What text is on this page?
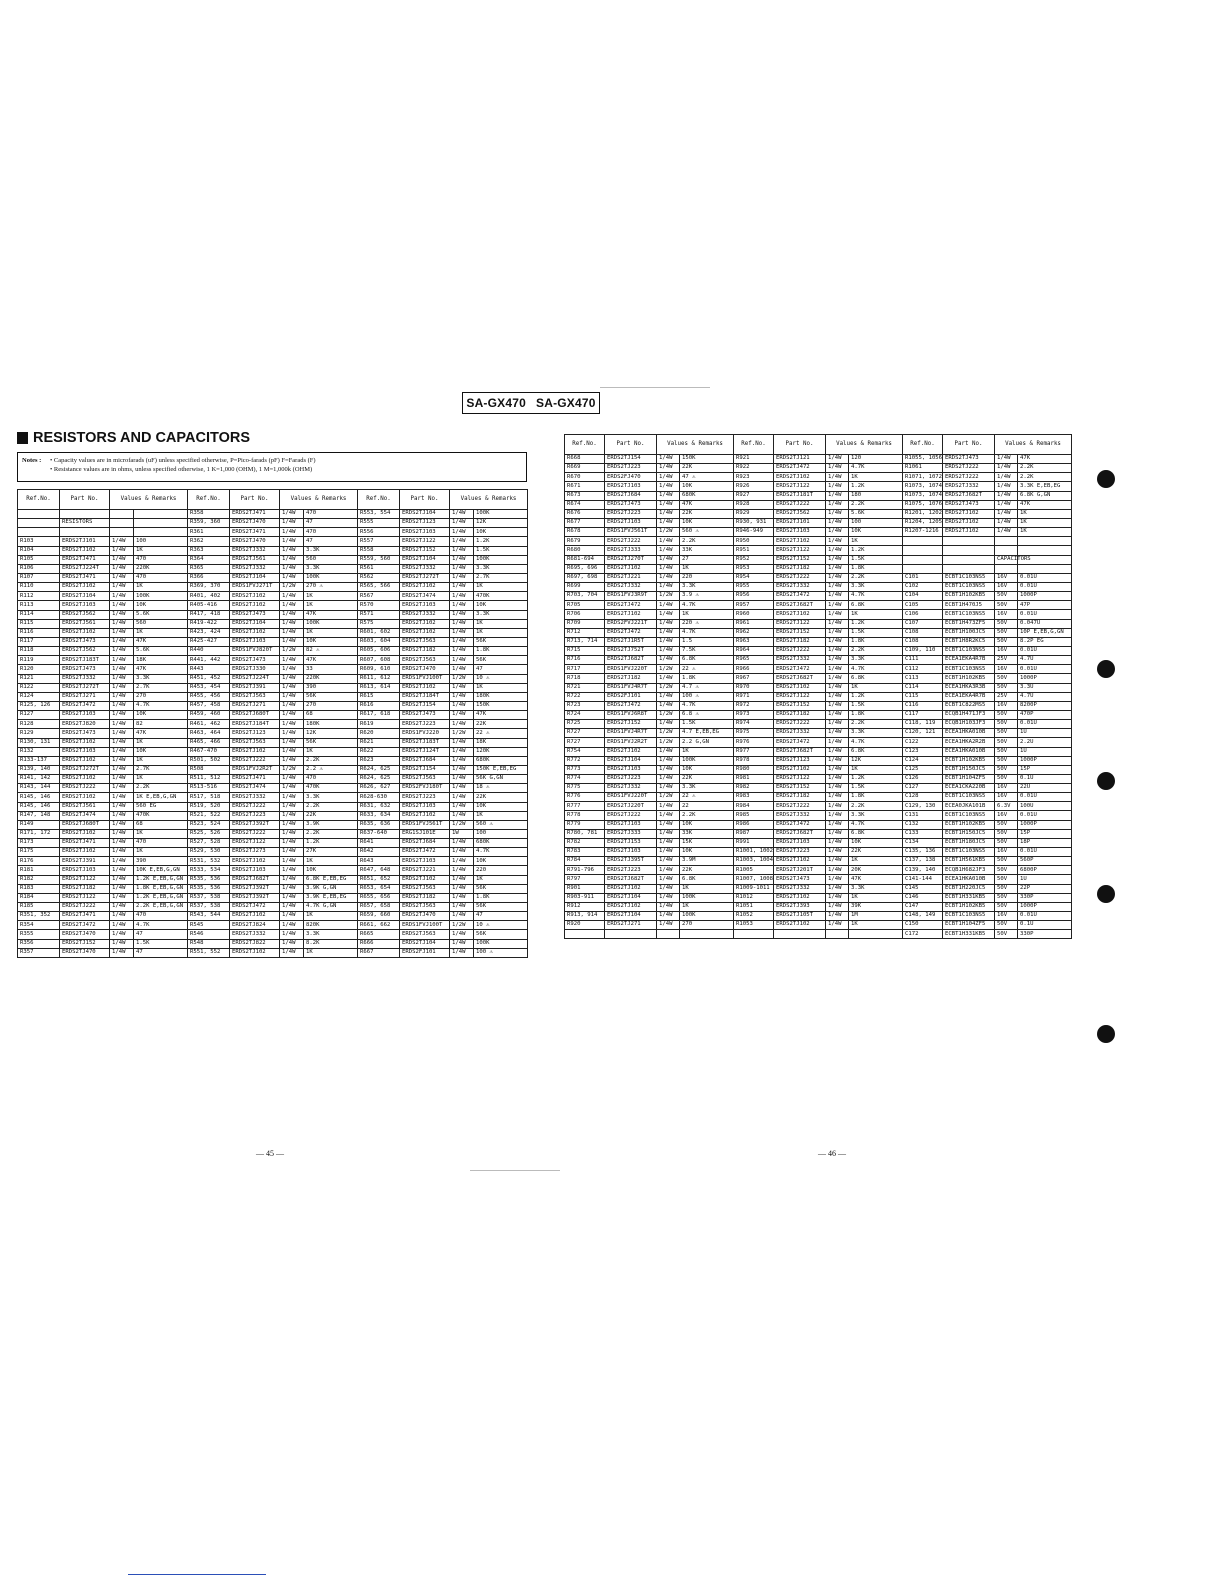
SA-GX470 SA-GX470
RESISTORS AND CAPACITORS
Notes : • Capacity values are in microfarads (uF) unless specified otherwise, P=Pico-farads (pF) F=Farads (F)
• Resistance values are in ohms, unless specified otherwise, 1 K=1,000 (OHM), 1 M=1,000k (OHM)
Ref.No.	Part No.	Values & Remarks		Ref.No.	Part No.	Values & Remarks		Ref.No.	Part No.	Values & Remarks	
				R358	ERDS2TJ471	1/4W	470	R553, 554	ERDS2TJ104	1/4W	100K
	RESISTORS			R359, 360	ERDS2TJ470	1/4W	47	R555	ERDS2TJ123	1/4W	12K
				R361	ERDS2TJ471	1/4W	470	R556	ERDS2TJ103	1/4W	10K
R103	ERDS2TJ101	1/4W	100	R362	ERDS2TJ470	1/4W	47	R557	ERDS2TJ122	1/4W	1.2K
R104	ERDS2TJ102	1/4W	1K	R363	ERDS2TJ332	1/4W	3.3K	R558	ERDS2TJ152	1/4W	1.5K
R105	ERDS2TJ471	1/4W	470	R364	ERDS2TJ561	1/4W	560	R559, 560	ERDS2TJ104	1/4W	100K
R106	ERDS2TJ224T	1/4W	220K	R365	ERDS2TJ332	1/4W	3.3K	R561	ERDS2TJ332	1/4W	3.3K
R107	ERDS2TJ471	1/4W	470	R366	ERDS2TJ104	1/4W	100K	R562	ERDS2TJ272T	1/4W	2.7K
R110	ERDS2TJ102	1/4W	1K	R369, 370	ERDS1FVJ271T	1/2W	270 ⚠	R565, 566	ERDS2TJ102	1/4W	1K
R112	ERDS2TJ104	1/4W	100K	R401, 402	ERDS2TJ102	1/4W	1K	R567	ERDS2TJ474	1/4W	470K
R113	ERDS2TJ103	1/4W	10K	R405-416	ERDS2TJ102	1/4W	1K	R570	ERDS2TJ103	1/4W	10K
R114	ERDS2TJ562	1/4W	5.6K	R417, 418	ERDS2TJ473	1/4W	47K	R571	ERDS2TJ332	1/4W	3.3K
R115	ERDS2TJ561	1/4W	560	R419-422	ERDS2TJ104	1/4W	100K	R575	ERDS2TJ102	1/4W	1K
R116	ERDS2TJ102	1/4W	1K	R423, 424	ERDS2TJ102	1/4W	1K	R601, 602	ERDS2TJ102	1/4W	1K
R117	ERDS2TJ473	1/4W	47K	R425-427	ERDS2TJ103	1/4W	10K	R603, 604	ERDS2TJ563	1/4W	56K
R118	ERDS2TJ562	1/4W	5.6K	R440	ERDS1FVJ820T	1/2W	82 ⚠	R605, 606	ERDS2TJ182	1/4W	1.8K
R119	ERDS2TJ183T	1/4W	18K	R441, 442	ERDS2TJ473	1/4W	47K	R607, 608	ERDS2TJ563	1/4W	56K
R120	ERDS2TJ473	1/4W	47K	R443	ERDS2TJ330	1/4W	33	R609, 610	ERDS2TJ470	1/4W	47
R121	ERDS2TJ332	1/4W	3.3K	R451, 452	ERDS2TJ224T	1/4W	220K	R611, 612	ERDS1FVJ100T	1/2W	10 ⚠
R122	ERDS2TJ272T	1/4W	2.7K	R453, 454	ERDS2TJ391	1/4W	390	R613, 614	ERDS2TJ102	1/4W	1K
R124	ERDS2TJ271	1/4W	270	R455, 456	ERDS2TJ563	1/4W	56K	R615	ERDS2TJ184T	1/4W	180K
R125, 126	ERDS2TJ472	1/4W	4.7K	R457, 458	ERDS2TJ271	1/4W	270	R616	ERDS2TJ154	1/4W	150K
R127	ERDS2TJ103	1/4W	10K	R459, 460	ERDS2TJ680T	1/4W	68	R617, 618	ERDS2TJ473	1/4W	47K
R128	ERDS2TJ820	1/4W	82	R461, 462	ERDS2TJ184T	1/4W	180K	R619	ERDS2TJ223	1/4W	22K
R129	ERDS2TJ473	1/4W	47K	R463, 464	ERDS2TJ123	1/4W	12K	R620	ERDS1FVJ220	1/2W	22 ⚠
R130, 131	ERDS2TJ102	1/4W	1K	R465, 466	ERDS2TJ563	1/4W	56K	R621	ERDS2TJ183T	1/4W	18K
R132	ERDS2TJ103	1/4W	10K	R467-470	ERDS2TJ102	1/4W	1K	R622	ERDS2TJ124T	1/4W	120K
R133-137	ERDS2TJ102	1/4W	1K	R501, 502	ERDS2TJ222	1/4W	2.2K	R623	ERDS2TJ684	1/4W	680K
R139, 140	ERDS2TJ272T	1/4W	2.7K	R508	ERDS1FVJ2R2T	1/2W	2.2 ⚠	R624, 625	ERDS2TJ154	1/4W	150K E,EB,EG
R141, 142	ERDS2TJ102	1/4W	1K	R511, 512	ERDS2TJ471	1/4W	470	R624, 625	ERDS2TJ563	1/4W	56K G,GN
R143, 144	ERDS2TJ222	1/4W	2.2K	R513-516	ERDS2TJ474	1/4W	470K	R626, 627	ERDS2FVJ180T	1/4W	18 ⚠
R145, 146	ERDS2TJ102	1/4W	1K E,EB,G,GN	R517, 518	ERDS2TJ332	1/4W	3.3K	R628-630	ERDS2TJ223	1/4W	22K
R145, 146	ERDS2TJ561	1/4W	560 EG	R519, 520	ERDS2TJ222	1/4W	2.2K	R631, 632	ERDS2TJ103	1/4W	10K
R147, 148	ERDS2TJ474	1/4W	470K	R521, 522	ERDS2TJ223	1/4W	22K	R633, 634	ERDS2TJ102	1/4W	1K
R149	ERDS2TJ680T	1/4W	68	R523, 524	ERDS2TJ392T	1/4W	3.9K	R635, 636	ERDS1FVJ561T	1/2W	560 ⚠
R171, 172	ERDS2TJ102	1/4W	1K	R525, 526	ERDS2TJ222	1/4W	2.2K	R637-640	ERG1SJ101E	1W	100
R173	ERDS2TJ471	1/4W	470	R527, 528	ERDS2TJ122	1/4W	1.2K	R641	ERDS2TJ684	1/4W	680K
R175	ERDS2TJ102	1/4W	1K	R529, 530	ERDS2TJ273	1/4W	27K	R642	ERDS2TJ472	1/4W	4.7K
R176	ERDS2TJ391	1/4W	390	R531, 532	ERDS2TJ102	1/4W	1K	R643	ERDS2TJ103	1/4W	10K
R181	ERDS2TJ103	1/4W	10K E,EB,G,GN	R533, 534	ERDS2TJ103	1/4W	10K	R647, 648	ERDS2TJ221	1/4W	220
R182	ERDS2TJ122	1/4W	1.2K E,EB,G,GN	R535, 536	ERDS2TJ682T	1/4W	6.8K E,EB,EG	R651, 652	ERDS2TJ102	1/4W	1K
R183	ERDS2TJ182	1/4W	1.8K E,EB,G,GN	R535, 536	ERDS2TJ392T	1/4W	3.9K G,GN	R653, 654	ERDS2TJ563	1/4W	56K
R184	ERDS2TJ122	1/4W	1.2K E,EB,G,GN	R537, 538	ERDS2TJ392T	1/4W	3.9K E,EB,EG	R655, 656	ERDS2TJ182	1/4W	1.8K
R185	ERDS2TJ222	1/4W	2.2K E,EB,G,GN	R537, 538	ERDS2TJ472	1/4W	4.7K G,GN	R657, 658	ERDS2TJ563	1/4W	56K
R351, 352	ERDS2TJ471	1/4W	470	R543, 544	ERDS2TJ102	1/4W	1K	R659, 660	ERDS2TJ470	1/4W	47
R354	ERDS2TJ472	1/4W	4.7K	R545	ERDS2TJ824	1/4W	820K	R661, 662	ERDS1FVJ100T	1/2W	10 ⚠
R355	ERDS2TJ470	1/4W	47	R546	ERDS2TJ332	1/4W	3.3K	R665	ERDS2TJ563	1/4W	56K
R356	ERDS2TJ152	1/4W	1.5K	R548	ERDS2TJ822	1/4W	8.2K	R666	ERDS2TJ104	1/4W	100K
R357	ERDS2TJ470	1/4W	47	R551, 552	ERDS2TJ102	1/4W	1K	R667	ERDS2FJ101	1/4W	100 ⚠
Ref.No.	Part No.	Values & Remarks		Ref.No.	Part No.	Values & Remarks		Ref.No.	Part No.	Values & Remarks	
R668	ERDS2TJ154	1/4W	150K	R921	ERDS2TJ121	1/4W	120	R1055, 1056	ERDS2TJ473	1/4W	47K
R669	ERDS2TJ223	1/4W	22K	R922	ERDS2TJ472	1/4W	4.7K	R1061	ERDS2TJ222	1/4W	2.2K
R670	ERDS2FJ470	1/4W	47 ⚠	R923	ERDS2TJ102	1/4W	1K	R1071, 1072	ERDS2TJ222	1/4W	2.2K
R671	ERDS2TJ103	1/4W	10K	R926	ERDS2TJ122	1/4W	1.2K	R1073, 1074	ERDS2TJ332	1/4W	3.3K E,EB,EG
R673	ERDS2TJ684	1/4W	680K	R927	ERDS2TJ181T	1/4W	180	R1073, 1074	ERDS2TJ682T	1/4W	6.8K G,GN
R674	ERDS2TJ473	1/4W	47K	R928	ERDS2TJ222	1/4W	2.2K	R1075, 1076	ERDS2TJ473	1/4W	47K
R676	ERDS2TJ223	1/4W	22K	R929	ERDS2TJ562	1/4W	5.6K	R1201, 1202	ERDS2TJ102	1/4W	1K
R677	ERDS2TJ103	1/4W	10K	R930, 931	ERDS2TJ101	1/4W	100	R1204, 1205	ERDS2TJ102	1/4W	1K
R678	ERDS1FVJ561T	1/2W	560 ⚠	R946-949	ERDS2TJ103	1/4W	10K	R1207-1216	ERDS2TJ102	1/4W	1K
R679	ERDS2TJ222	1/4W	2.2K	R950	ERDS2TJ102	1/4W	1K				
R680	ERDS2TJ333	1/4W	33K	R951	ERDS2TJ122	1/4W	1.2K				
R681-694	ERDS2TJ270T	1/4W	27	R952	ERDS2TJ152	1/4W	1.5K			CAPACITORS	
R695, 696	ERDS2TJ102	1/4W	1K	R953	ERDS2TJ182	1/4W	1.8K				
R697, 698	ERDS2TJ221	1/4W	220	R954	ERDS2TJ222	1/4W	2.2K	C101	ECBT1C103NS5	16V	0.01U
R699	ERDS2TJ332	1/4W	3.3K	R955	ERDS2TJ332	1/4W	3.3K	C102	ECBT1C103NS5	16V	0.01U
R703, 704	ERDS1FVJ3R9T	1/2W	3.9 ⚠	R956	ERDS2TJ472	1/4W	4.7K	C104	ECBT1H102KB5	50V	1000P
R705	ERDS2TJ472	1/4W	4.7K	R957	ERDS2TJ682T	1/4W	6.8K	C105	ECBT1H470J5	50V	47P
R706	ERDS2TJ102	1/4W	1K	R960	ERDS2TJ102	1/4W	1K	C106	ECBT1C103NS5	16V	0.01U
R709	ERDS2FVJ221T	1/4W	220 ⚠	R961	ERDS2TJ122	1/4W	1.2K	C107	ECBT1H473ZF5	50V	0.047U
R712	ERDS2TJ472	1/4W	4.7K	R962	ERDS2TJ152	1/4W	1.5K	C108	ECBT1H100JC5	50V	10P E,EB,G,GN
R713, 714	ERDS2TJ1R5T	1/4W	1.5	R963	ERDS2TJ182	1/4W	1.8K	C108	ECBT1H8R2KC5	50V	8.2P EG
R715	ERDS2TJ752T	1/4W	7.5K	R964	ERDS2TJ222	1/4W	2.2K	C109, 110	ECBT1C103NS5	16V	0.01U
R716	ERDS2TJ682T	1/4W	6.8K	R965	ERDS2TJ332	1/4W	3.3K	C111	ECEA1EKA4R7B	25V	4.7U
R717	ERDS1FVJ220T	1/2W	22 ⚠	R966	ERDS2TJ472	1/4W	4.7K	C112	ECBT1C103NS5	16V	0.01U
R718	ERDS2TJ182	1/4W	1.8K	R967	ERDS2TJ682T	1/4W	6.8K	C113	ECBT1H102KB5	50V	1000P
R721	ERDS1FVJ4R7T	1/2W	4.7 ⚠	R970	ERDS2TJ102	1/4W	1K	C114	ECEA1HKA3R3B	50V	3.3U
R722	ERDS2FJ101	1/4W	100 ⚠	R971	ERDS2TJ122	1/4W	1.2K	C115	ECEA1EKA4R7B	25V	4.7U
R723	ERDS2TJ472	1/4W	4.7K	R972	ERDS2TJ152	1/4W	1.5K	C116	ECBT1C822MS5	16V	8200P
R724	ERDS1FVJ6R8T	1/2W	6.8 ⚠	R973	ERDS2TJ182	1/4W	1.8K	C117	ECQB1H471JF3	50V	470P
R725	ERDS2TJ152	1/4W	1.5K	R974	ERDS2TJ222	1/4W	2.2K	C118, 119	ECQB1H103JF3	50V	0.01U
R727	ERDS1FVJ4R7T	1/2W	4.7 E,EB,EG	R975	ERDS2TJ332	1/4W	3.3K	C120, 121	ECEA1HKA010B	50V	1U
R727	ERDS1FVJ2R2T	1/2W	2.2 G,GN	R976	ERDS2TJ472	1/4W	4.7K	C122	ECEA1HKA2R2B	50V	2.2U
R754	ERDS2TJ102	1/4W	1K	R977	ERDS2TJ682T	1/4W	6.8K	C123	ECEA1HKA010B	50V	1U
R772	ERDS2TJ104	1/4W	100K	R978	ERDS2TJ123	1/4W	12K	C124	ECBT1H102KB5	50V	1000P
R773	ERDS2TJ103	1/4W	10K	R980	ERDS2TJ102	1/4W	1K	C125	ECBT1H150JC5	50V	15P
R774	ERDS2TJ223	1/4W	22K	R981	ERDS2TJ122	1/4W	1.2K	C126	ECBT1H104ZF5	50V	0.1U
R775	ERDS2TJ332	1/4W	3.3K	R982	ERDS2TJ152	1/4W	1.5K	C127	ECEA1CKA220B	16V	22U
R776	ERDS1FVJ220T	1/2W	22 ⚠	R983	ERDS2TJ182	1/4W	1.8K	C128	ECBT1C103NS5	16V	0.01U
R777	ERDS2TJ220T	1/4W	22	R984	ERDS2TJ222	1/4W	2.2K	C129, 130	ECEA0JKA101B	6.3V	100U
R778	ERDS2TJ222	1/4W	2.2K	R985	ERDS2TJ332	1/4W	3.3K	C131	ECBT1C103NS5	16V	0.01U
R779	ERDS2TJ103	1/4W	10K	R986	ERDS2TJ472	1/4W	4.7K	C132	ECBT1H102KB5	50V	1000P
R780, 781	ERDS2TJ333	1/4W	33K	R987	ERDS2TJ682T	1/4W	6.8K	C133	ECBT1H150JC5	50V	15P
R782	ERDS2TJ153	1/4W	15K	R991	ERDS2TJ103	1/4W	10K	C134	ECBT1H180JC5	50V	18P
R783	ERDS2TJ103	1/4W	10K	R1001, 1002	ERDS2TJ223	1/4W	22K	C135, 136	ECBT1C103NS5	16V	0.01U
R784	ERDS2TJ395T	1/4W	3.9M	R1003, 1004	ERDS2TJ102	1/4W	1K	C137, 138	ECBT1H561KB5	50V	560P
R791-796	ERDS2TJ223	1/4W	22K	R1005	ERDS2TJ201T	1/4W	20K	C139, 140	ECQB1H682JF3	50V	6800P
R797	ERDS2TJ682T	1/4W	6.8K	R1007, 1008	ERDS2TJ473	1/4W	47K	C141-144	ECEA1HKA010B	50V	1U
R901	ERDS2TJ102	1/4W	1K	R1009-1011	ERDS2TJ332	1/4W	3.3K	C145	ECBT1H220JC5	50V	22P
R903-911	ERDS2TJ104	1/4W	100K	R1012	ERDS2TJ102	1/4W	1K	C146	ECBT1H331KB5	50V	330P
R912	ERDS2TJ102	1/4W	1K	R1051	ERDS2TJ393	1/4W	39K	C147	ECBT1H102KB5	50V	1000P
R913, 914	ERDS2TJ104	1/4W	100K	R1052	ERDS2TJ105T	1/4W	1M	C148, 149	ECBT1C103NS5	16V	0.01U
R920	ERDS2TJ271	1/4W	270	R1053	ERDS2TJ102	1/4W	1K	C150	ECBT1H104ZF5	50V	0.1U
								C172	ECBT1H331KB5	50V	330P
— 45 —	— 46 —
